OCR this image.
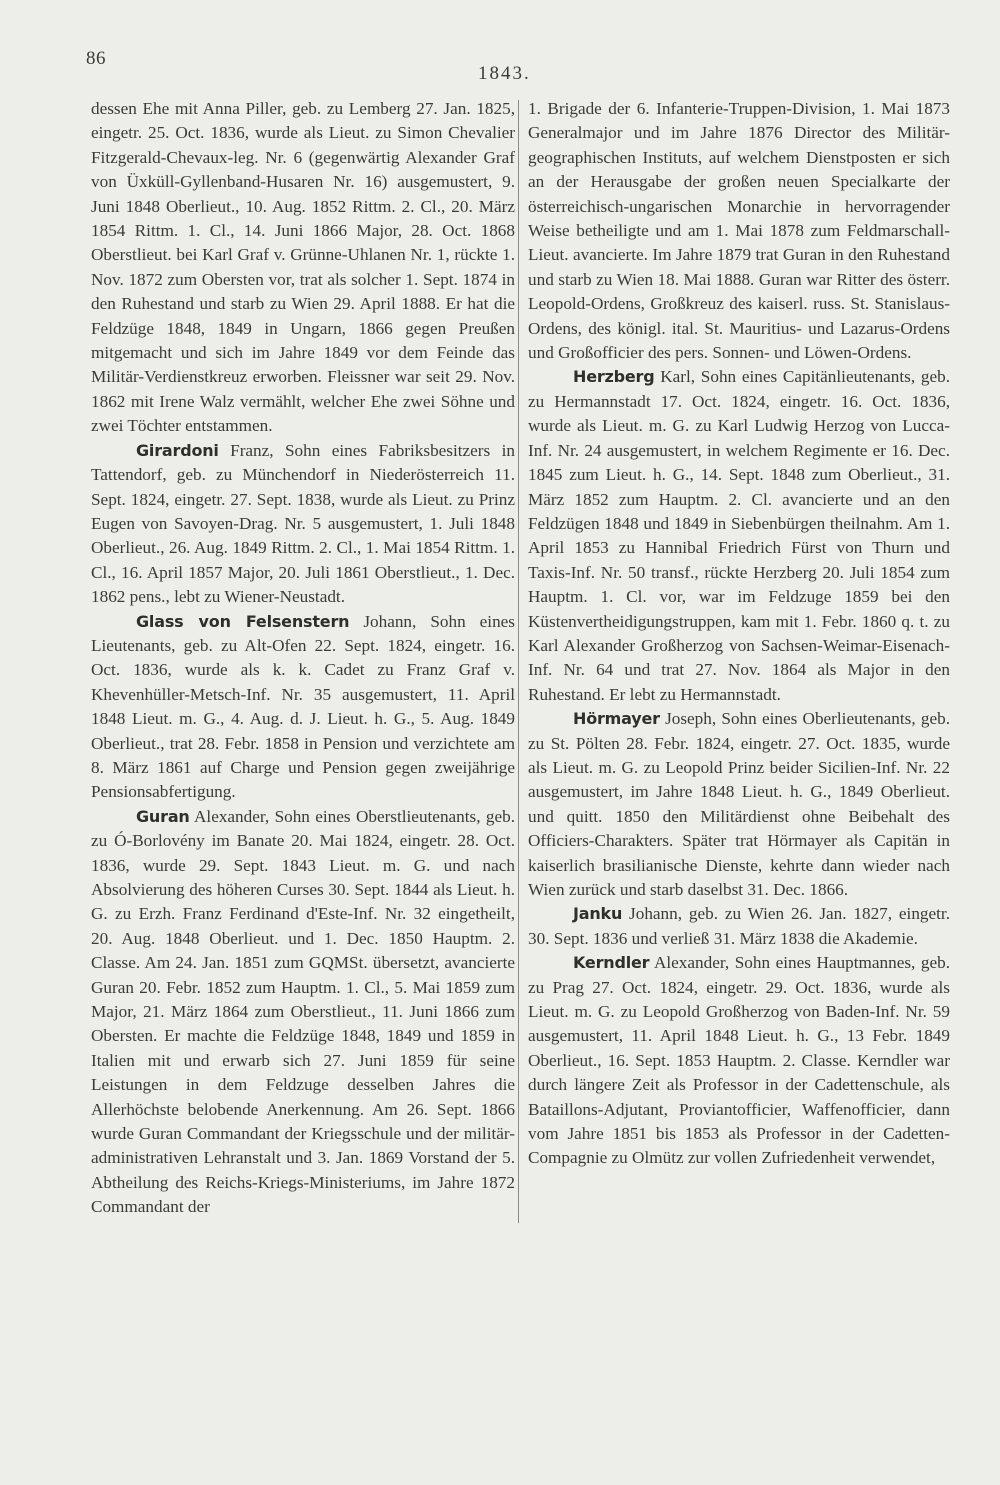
86
1843.

dessen Ehe mit Anna Piller, geb. zu Lemberg 27. Jan. 1825, eingetr. 25. Oct. 1836, wurde als Lieut. zu Simon Chevalier Fitzgerald-Chevaux-leg. Nr. 6 (gegenwärtig Alexander Graf von Üxküll-Gyllenband-Husaren Nr. 16) ausgemustert, 9. Juni 1848 Oberlieut., 10. Aug. 1852 Rittm. 2. Cl., 20. März 1854 Rittm. 1. Cl., 14. Juni 1866 Major, 28. Oct. 1868 Oberstlieut. bei Karl Graf v. Grünne-Uhlanen Nr. 1, rückte 1. Nov. 1872 zum Obersten vor, trat als solcher 1. Sept. 1874 in den Ruhestand und starb zu Wien 29. April 1888. Er hat die Feldzüge 1848, 1849 in Ungarn, 1866 gegen Preußen mitgemacht und sich im Jahre 1849 vor dem Feinde das Militär-Verdienstkreuz erworben. Fleissner war seit 29. Nov. 1862 mit Irene Walz vermählt, welcher Ehe zwei Söhne und zwei Töchter entstammen.

Girardoni Franz, Sohn eines Fabriksbesitzers in Tattendorf, geb. zu Münchendorf in Niederösterreich 11. Sept. 1824, eingetr. 27. Sept. 1838, wurde als Lieut. zu Prinz Eugen von Savoyen-Drag. Nr. 5 ausgemustert, 1. Juli 1848 Oberlieut., 26. Aug. 1849 Rittm. 2. Cl., 1. Mai 1854 Rittm. 1. Cl., 16. April 1857 Major, 20. Juli 1861 Oberstlieut., 1. Dec. 1862 pens., lebt zu Wiener-Neustadt.

Glass von Felsenstern Johann, Sohn eines Lieutenants, geb. zu Alt-Ofen 22. Sept. 1824, eingetr. 16. Oct. 1836, wurde als k. k. Cadet zu Franz Graf v. Khevenhüller-Metsch-Inf. Nr. 35 ausgemustert, 11. April 1848 Lieut. m. G., 4. Aug. d. J. Lieut. h. G., 5. Aug. 1849 Oberlieut., trat 28. Febr. 1858 in Pension und verzichtete am 8. März 1861 auf Charge und Pension gegen zweijährige Pensionsabfertigung.

Guran Alexander, Sohn eines Oberstlieutenants, geb. zu Ó-Borlovény im Banate 20. Mai 1824, eingetr. 28. Oct. 1836, wurde 29. Sept. 1843 Lieut. m. G. und nach Absolvierung des höheren Curses 30. Sept. 1844 als Lieut. h. G. zu Erzh. Franz Ferdinand d'Este-Inf. Nr. 32 eingetheilt, 20. Aug. 1848 Oberlieut. und 1. Dec. 1850 Hauptm. 2. Classe. Am 24. Jan. 1851 zum GQMSt. übersetzt, avancierte Guran 20. Febr. 1852 zum Hauptm. 1. Cl., 5. Mai 1859 zum Major, 21. März 1864 zum Oberstlieut., 11. Juni 1866 zum Obersten. Er machte die Feldzüge 1848, 1849 und 1859 in Italien mit und erwarb sich 27. Juni 1859 für seine Leistungen in dem Feldzuge desselben Jahres die Allerhöchste belobende Anerkennung. Am 26. Sept. 1866 wurde Guran Commandant der Kriegsschule und der militär-administrativen Lehranstalt und 3. Jan. 1869 Vorstand der 5. Abtheilung des Reichs-Kriegs-Ministeriums, im Jahre 1872 Commandant der

1. Brigade der 6. Infanterie-Truppen-Division, 1. Mai 1873 Generalmajor und im Jahre 1876 Director des Militär-geographischen Instituts, auf welchem Dienstposten er sich an der Herausgabe der großen neuen Specialkarte der österreichisch-ungarischen Monarchie in hervorragender Weise betheiligte und am 1. Mai 1878 zum Feldmarschall-Lieut. avancierte. Im Jahre 1879 trat Guran in den Ruhestand und starb zu Wien 18. Mai 1888. Guran war Ritter des österr. Leopold-Ordens, Großkreuz des kaiserl. russ. St. Stanislaus-Ordens, des königl. ital. St. Mauritius- und Lazarus-Ordens und Großofficier des pers. Sonnen- und Löwen-Ordens.

Herzberg Karl, Sohn eines Capitänlieutenants, geb. zu Hermannstadt 17. Oct. 1824, eingetr. 16. Oct. 1836, wurde als Lieut. m. G. zu Karl Ludwig Herzog von Lucca-Inf. Nr. 24 ausgemustert, in welchem Regimente er 16. Dec. 1845 zum Lieut. h. G., 14. Sept. 1848 zum Oberlieut., 31. März 1852 zum Hauptm. 2. Cl. avancierte und an den Feldzügen 1848 und 1849 in Siebenbürgen theilnahm. Am 1. April 1853 zu Hannibal Friedrich Fürst von Thurn und Taxis-Inf. Nr. 50 transf., rückte Herzberg 20. Juli 1854 zum Hauptm. 1. Cl. vor, war im Feldzuge 1859 bei den Küstenvertheidigungstruppen, kam mit 1. Febr. 1860 q. t. zu Karl Alexander Großherzog von Sachsen-Weimar-Eisenach-Inf. Nr. 64 und trat 27. Nov. 1864 als Major in den Ruhestand. Er lebt zu Hermannstadt.

Hörmayer Joseph, Sohn eines Oberlieutenants, geb. zu St. Pölten 28. Febr. 1824, eingetr. 27. Oct. 1835, wurde als Lieut. m. G. zu Leopold Prinz beider Sicilien-Inf. Nr. 22 ausgemustert, im Jahre 1848 Lieut. h. G., 1849 Oberlieut. und quitt. 1850 den Militärdienst ohne Beibehalt des Officiers-Charakters. Später trat Hörmayer als Capitän in kaiserlich brasilianische Dienste, kehrte dann wieder nach Wien zurück und starb daselbst 31. Dec. 1866.

Janku Johann, geb. zu Wien 26. Jan. 1827, eingetr. 30. Sept. 1836 und verließ 31. März 1838 die Akademie.

Kerndler Alexander, Sohn eines Hauptmannes, geb. zu Prag 27. Oct. 1824, eingetr. 29. Oct. 1836, wurde als Lieut. m. G. zu Leopold Großherzog von Baden-Inf. Nr. 59 ausgemustert, 11. April 1848 Lieut. h. G., 13 Febr. 1849 Oberlieut., 16. Sept. 1853 Hauptm. 2. Classe. Kerndler war durch längere Zeit als Professor in der Cadettenschule, als Bataillons-Adjutant, Proviantofficier, Waffenofficier, dann vom Jahre 1851 bis 1853 als Professor in der Cadetten-Compagnie zu Olmütz zur vollen Zufriedenheit verwendet,
